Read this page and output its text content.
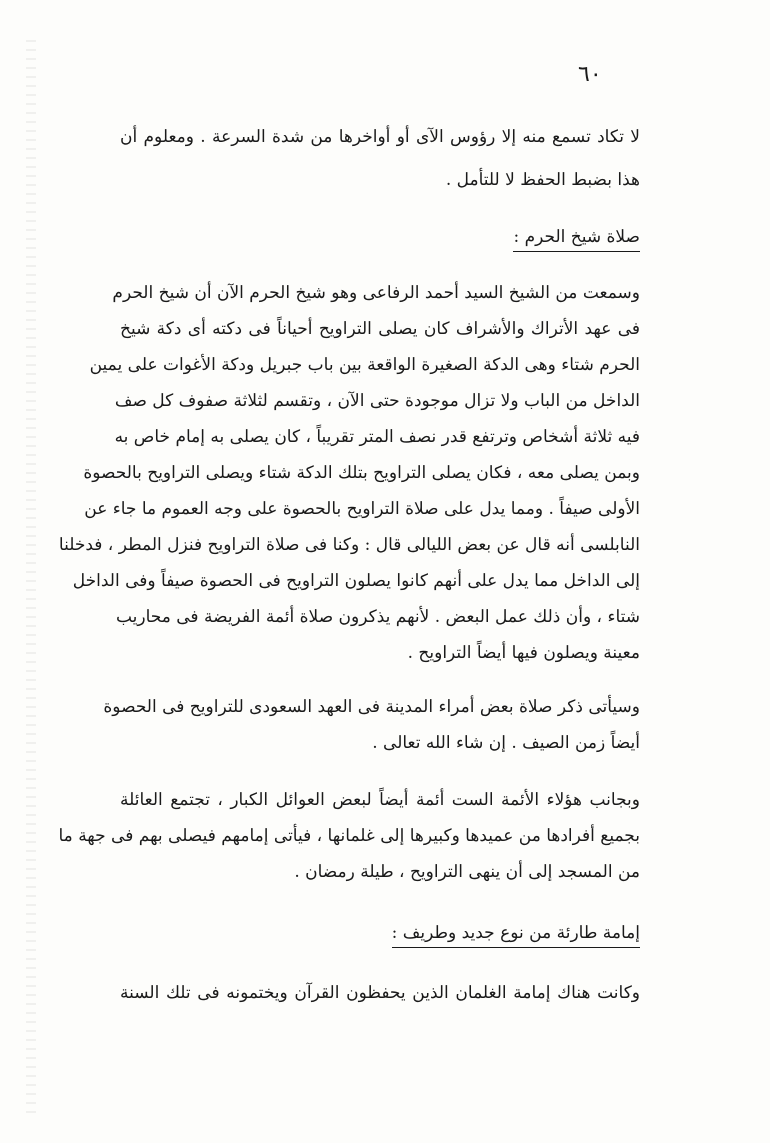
٦٠
لا تكاد تسمع منه إلا رؤوس الآى أو أواخرها من شدة السرعة . ومعلوم أن
هذا بضبط الحفظ لا للتأمل .
صلاة شيخ الحرم :
وسمعت من الشيخ السيد أحمد الرفاعى وهو شيخ الحرم الآن أن شيخ الحرم
فى عهد الأتراك والأشراف كان يصلى التراويح أحياناً فى دكته أى دكة شيخ
الحرم شتاء وهى الدكة الصغيرة الواقعة بين باب جبريل ودكة الأغوات على يمين
الداخل من الباب ولا تزال موجودة حتى الآن ، وتقسم لثلاثة صفوف كل صف
فيه ثلاثة أشخاص وترتفع قدر نصف المتر تقريباً ، كان يصلى به إمام خاص به
وبمن يصلى معه ، فكان يصلى التراويح بتلك الدكة شتاء ويصلى التراويح بالحصوة
الأولى صيفاً . ومما يدل على صلاة التراويح بالحصوة على وجه العموم ما جاء عن
النابلسى أنه قال عن بعض الليالى قال : وكنا فى صلاة التراويح فنزل المطر ، فدخلنا
إلى الداخل مما يدل على أنهم كانوا يصلون التراويح فى الحصوة صيفاً وفى الداخل
شتاء ، وأن ذلك عمل البعض . لأنهم يذكرون صلاة أئمة الفريضة فى محاريب
معينة ويصلون فيها أيضاً التراويح .
وسيأتى ذكر صلاة بعض أمراء المدينة فى العهد السعودى للتراويح فى الحصوة
أيضاً زمن الصيف . إن شاء الله تعالى .
وبجانب هؤلاء الأئمة الست أئمة أيضاً لبعض العوائل الكبار ، تجتمع العائلة
بجميع أفرادها من عميدها وكبيرها إلى غلمانها ، فيأتى إمامهم فيصلى بهم فى جهة ما
من المسجد إلى أن ينهى التراويح ، طيلة رمضان .
إمامة طارئة من نوع جديد وطريف :
وكانت هناك إمامة الغلمان الذين يحفظون القرآن ويختمونه فى تلك السنة
